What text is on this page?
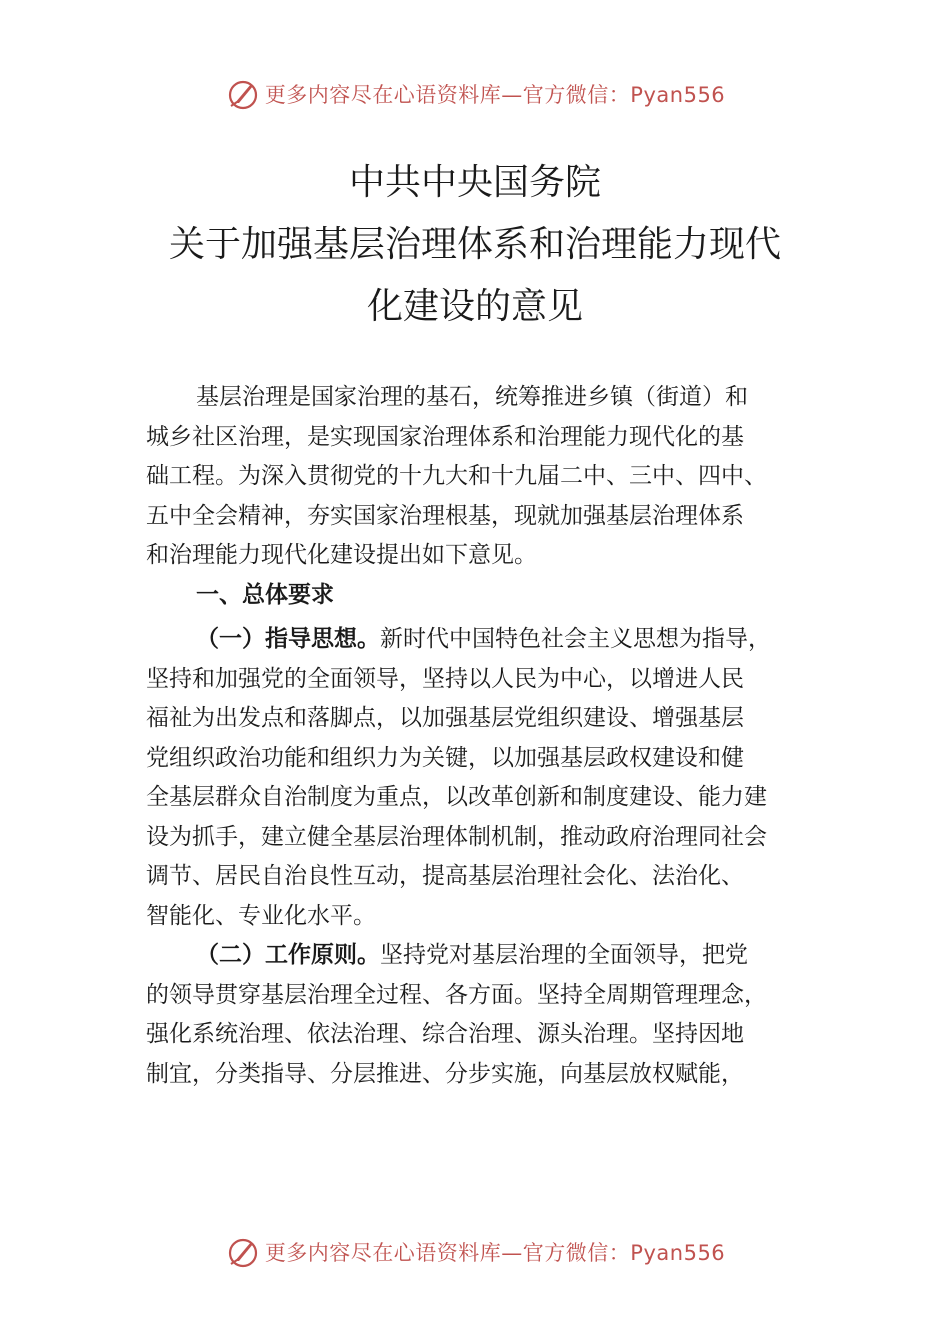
更多内容尽在心语资料库—官方微信：Pyan556
中共中央国务院
关于加强基层治理体系和治理能力现代
化建设的意见
基层治理是国家治理的基石，统筹推进乡镇（街道）和
城乡社区治理，是实现国家治理体系和治理能力现代化的基
础工程。为深入贯彻党的十九大和十九届二中、三中、四中、
五中全会精神，夯实国家治理根基，现就加强基层治理体系
和治理能力现代化建设提出如下意见。
一、总体要求
（一）指导思想。新时代中国特色社会主义思想为指导，
坚持和加强党的全面领导，坚持以人民为中心，以增进人民
福祉为出发点和落脚点，以加强基层党组织建设、增强基层
党组织政治功能和组织力为关键，以加强基层政权建设和健
全基层群众自治制度为重点，以改革创新和制度建设、能力建
设为抓手，建立健全基层治理体制机制，推动政府治理同社会
调节、居民自治良性互动，提高基层治理社会化、法治化、
智能化、专业化水平。
（二）工作原则。坚持党对基层治理的全面领导，把党
的领导贯穿基层治理全过程、各方面。坚持全周期管理理念，
强化系统治理、依法治理、综合治理、源头治理。坚持因地
制宜，分类指导、分层推进、分步实施，向基层放权赋能，
更多内容尽在心语资料库—官方微信：Pyan556
